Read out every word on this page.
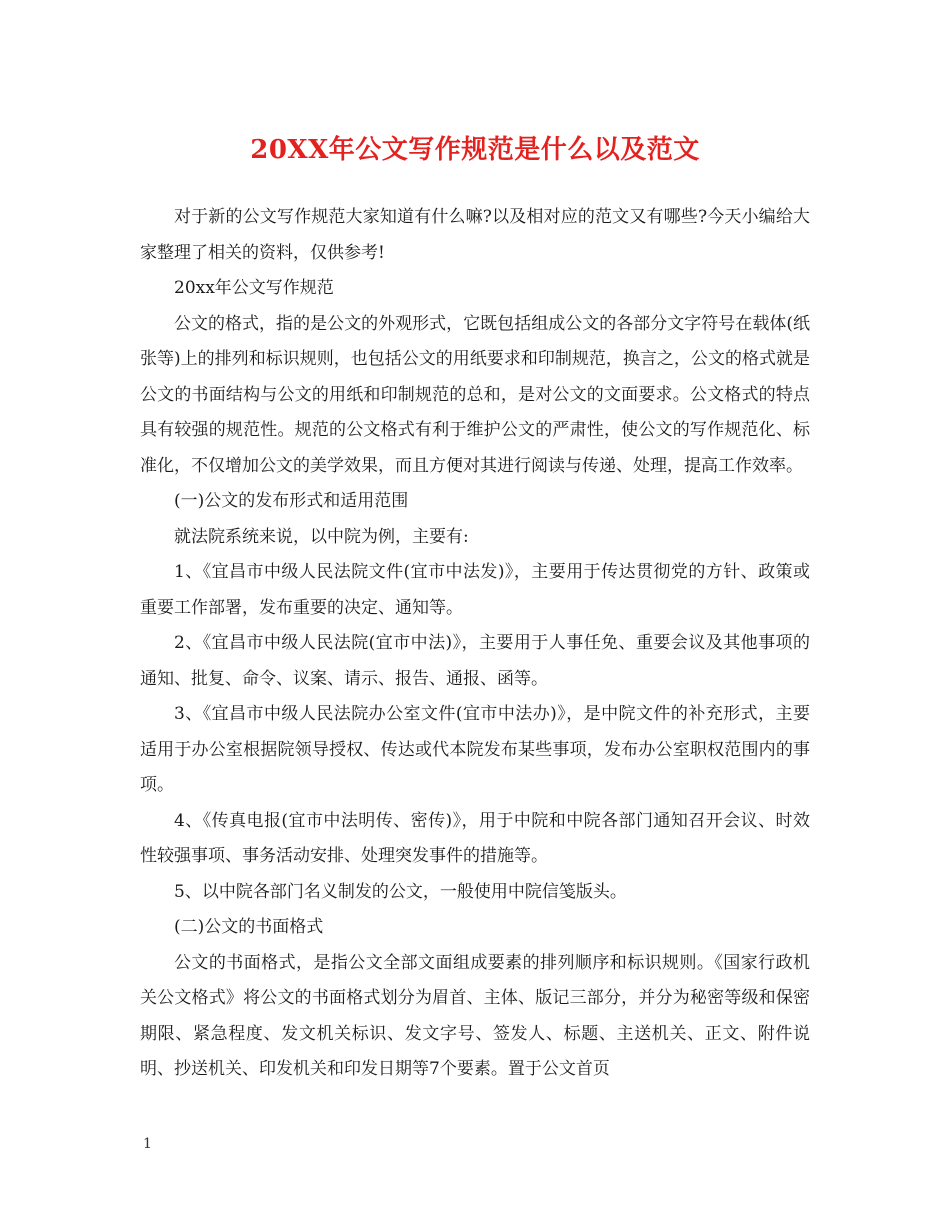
20XX年公文写作规范是什么以及范文

对于新的公文写作规范大家知道有什么嘛?以及相对应的范文又有哪些?今天小编给大家整理了相关的资料，仅供参考!

20xx年公文写作规范

公文的格式，指的是公文的外观形式，它既包括组成公文的各部分文字符号在载体(纸张等)上的排列和标识规则，也包括公文的用纸要求和印制规范，换言之，公文的格式就是公文的书面结构与公文的用纸和印制规范的总和，是对公文的文面要求。公文格式的特点具有较强的规范性。规范的公文格式有利于维护公文的严肃性，使公文的写作规范化、标准化，不仅增加公文的美学效果，而且方便对其进行阅读与传递、处理，提高工作效率。

(一)公文的发布形式和适用范围

就法院系统来说，以中院为例，主要有:

1、《宜昌市中级人民法院文件(宜市中法发)》，主要用于传达贯彻党的方针、政策或重要工作部署，发布重要的决定、通知等。

2、《宜昌市中级人民法院(宜市中法)》，主要用于人事任免、重要会议及其他事项的通知、批复、命令、议案、请示、报告、通报、函等。

3、《宜昌市中级人民法院办公室文件(宜市中法办)》，是中院文件的补充形式，主要适用于办公室根据院领导授权、传达或代本院发布某些事项，发布办公室职权范围内的事项。

4、《传真电报(宜市中法明传、密传)》，用于中院和中院各部门通知召开会议、时效性较强事项、事务活动安排、处理突发事件的措施等。

5、以中院各部门名义制发的公文，一般使用中院信笺版头。

(二)公文的书面格式

公文的书面格式，是指公文全部文面组成要素的排列顺序和标识规则。《国家行政机关公文格式》将公文的书面格式划分为眉首、主体、版记三部分，并分为秘密等级和保密期限、紧急程度、发文机关标识、发文字号、签发人、标题、主送机关、正文、附件说明、抄送机关、印发机关和印发日期等7个要素。置于公文首页

1
